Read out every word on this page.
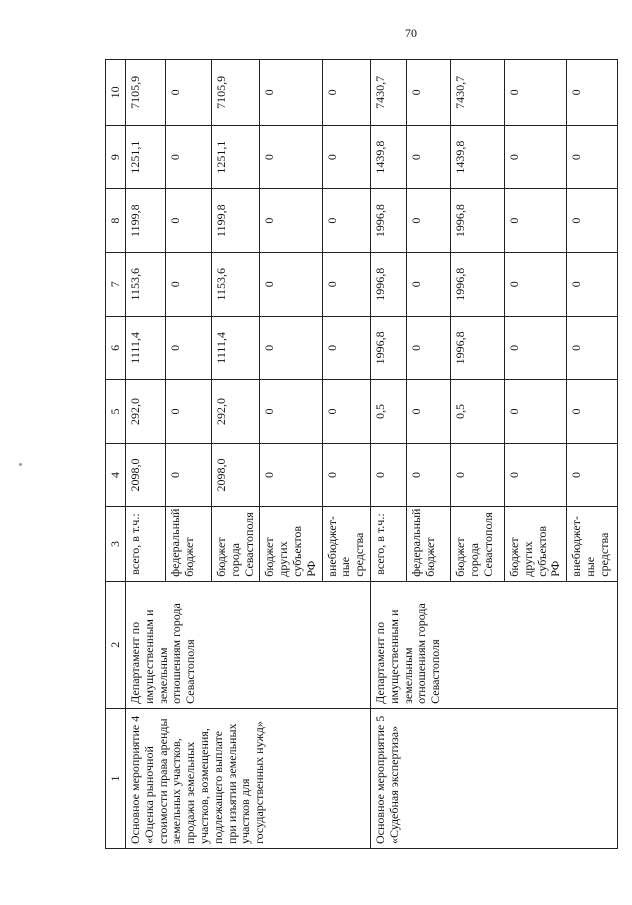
70
1	2	3	4	5	6	7	8	9	10
Основное мероприятие 4 «Оценка рыночной стоимости права аренды земельных участков, продажи земельных участков, возмещения, подлежащего выплате при изъятии земельных участков для государственных нужд»	Департамент по имущественным и земельным отношениям города Севастополя	всего, в т.ч.:	2098,0	292,0	1111,4	1153,6	1199,8	1251,1	7105,9
		федеральный бюджет	0	0	0	0	0	0	0
		бюджет города Севастополя	2098,0	292,0	1111,4	1153,6	1199,8	1251,1	7105,9
		бюджет других субъектов РФ	0	0	0	0	0	0	0
		внебюджет-ные средства	0	0	0	0	0	0	0
Основное мероприятие 5 «Судебная экспертиза»	Департамент по имущественным и земельным отношениям города Севастополя	всего, в т.ч.:	0	0,5	1996,8	1996,8	1996,8	1439,8	7430,7
		федеральный бюджет	0	0	0	0	0	0	0
		бюджет города Севастополя	0	0,5	1996,8	1996,8	1996,8	1439,8	7430,7
		бюджет других субъектов РФ	0	0	0	0	0	0	0
		внебюджет-ные средства	0	0	0	0	0	0	0
